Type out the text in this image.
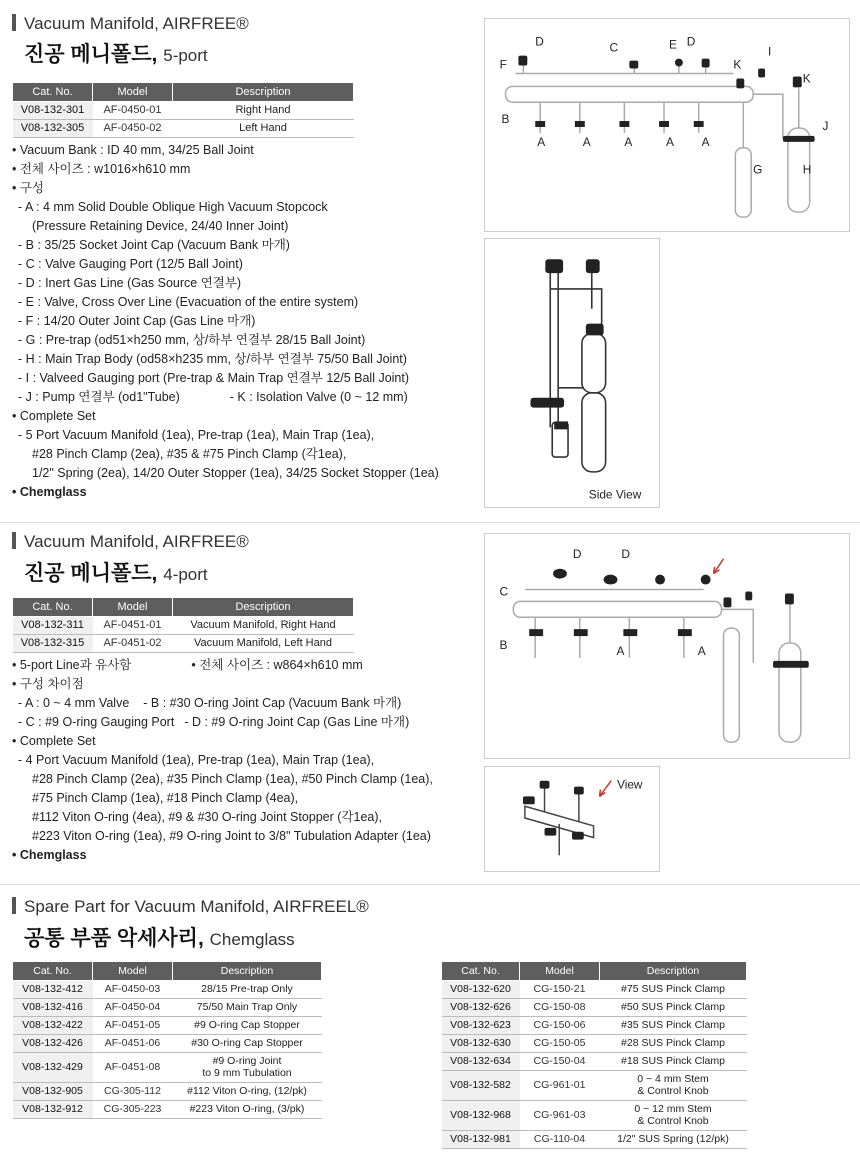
Vacuum Manifold, AIRFREE®
진공 메니폴드, 5-port
Cat. No.	Model	Description
V08-132-301	AF-0450-01	Right Hand
V08-132-305	AF-0450-02	Left Hand
• Vacuum Bank : ID 40 mm, 34/25 Ball Joint
• 전체 사이즈 : w1016×h610 mm
• 구성
- A : 4 mm Solid Double Oblique High Vacuum Stopcock
(Pressure Retaining Device, 24/40 Inner Joint)
- B : 35/25 Socket Joint Cap (Vacuum Bank 마개)
- C : Valve Gauging Port (12/5 Ball Joint)
- D : Inert Gas Line (Gas Source 연결부)
- E : Valve, Cross Over Line (Evacuation of the entire system)
- F : 14/20 Outer Joint Cap (Gas Line 마개)
- G : Pre-trap (od51×h250 mm, 상/하부 연결부 28/15 Ball Joint)
- H : Main Trap Body (od58×h235 mm, 상/하부 연결부 75/50 Ball Joint)
- I : Valveed Gauging port (Pre-trap & Main Trap 연결부 12/5 Ball Joint)
- J : Pump 연결부 (od1"Tube)	- K : Isolation Valve (0 ~ 12 mm)
• Complete Set
- 5 Port Vacuum Manifold (1ea), Pre-trap (1ea), Main Trap (1ea),
#28 Pinch Clamp (2ea), #35 & #75 Pinch Clamp (각1ea),
1/2" Spring (2ea), 14/20 Outer Stopper (1ea), 34/25 Socket Stopper (1ea)
• Chemglass
D
F
C	E D
I
K
K
B
A	A	A	A A
J
G	H
Side View
Vacuum Manifold, AIRFREE®
진공 메니폴드, 4-port
Cat. No.	Model	Description
V08-132-311	AF-0451-01	Vacuum Manifold, Right Hand
V08-132-315	AF-0451-02	Vacuum Manifold, Left Hand
• 5-port Line과 유사함	• 전체 사이즈 : w864×h610 mm
• 구성 차이점
- A : 0 ~ 4 mm Valve - B : #30 O-ring Joint Cap (Vacuum Bank 마개)
- C : #9 O-ring Gauging Port - D : #9 O-ring Joint Cap (Gas Line 마개)
• Complete Set
- 4 Port Vacuum Manifold (1ea), Pre-trap (1ea), Main Trap (1ea),
#28 Pinch Clamp (2ea), #35 Pinch Clamp (1ea), #50 Pinch Clamp (1ea),
#75 Pinch Clamp (1ea), #18 Pinch Clamp (4ea),
#112 Viton O-ring (4ea), #9 & #30 O-ring Joint Stopper (각1ea),
#223 Viton O-ring (1ea), #9 O-ring Joint to 3/8" Tubulation Adapter (1ea)
• Chemglass
D	D
C
B	A	A
View
Spare Part for Vacuum Manifold, AIRFREEL®
공통 부품 악세사리, Chemglass
Cat. No.	Model	Description
V08-132-412	AF-0450-03	28/15 Pre-trap Only
V08-132-416	AF-0450-04	75/50 Main Trap Only
V08-132-422	AF-0451-05	#9 O-ring Cap Stopper
V08-132-426	AF-0451-06	#30 O-ring Cap Stopper
V08-132-429	AF-0451-08	#9 O-ring Joint
to 9 mm Tubulation
V08-132-905	CG-305-112	#112 Viton O-ring, (12/pk)
V08-132-912	CG-305-223	#223 Viton O-ring, (3/pk)
Cat. No.	Model	Description
V08-132-620	CG-150-21	#75 SUS Pinck Clamp
V08-132-626	CG-150-08	#50 SUS Pinck Clamp
V08-132-623	CG-150-06	#35 SUS Pinck Clamp
V08-132-630	CG-150-05	#28 SUS Pinck Clamp
V08-132-634	CG-150-04	#18 SUS Pinck Clamp
V08-132-582	CG-961-01	0 ~ 4 mm Stem
& Control Knob
V08-132-968	CG-961-03	0 ~ 12 mm Stem
& Control Knob
V08-132-981	CG-110-04	1/2" SUS Spring (12/pk)
